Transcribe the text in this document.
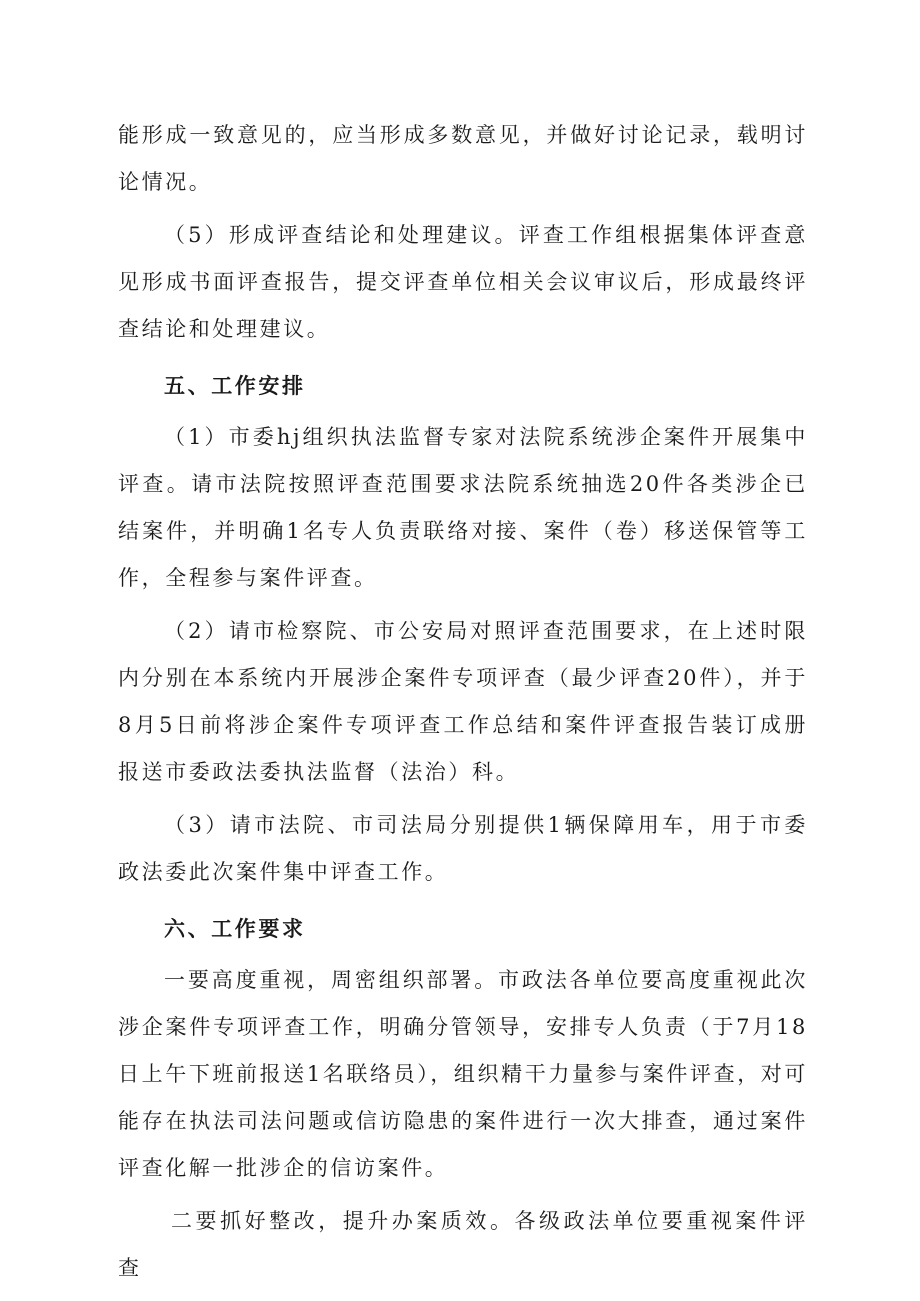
能形成一致意见的，应当形成多数意见，并做好讨论记录，载明讨论情况。

（5）形成评查结论和处理建议。评查工作组根据集体评查意见形成书面评查报告，提交评查单位相关会议审议后，形成最终评查结论和处理建议。

五、工作安排

（1）市委hj组织执法监督专家对法院系统涉企案件开展集中评查。请市法院按照评查范围要求法院系统抽选20件各类涉企已结案件，并明确1名专人负责联络对接、案件（卷）移送保管等工作，全程参与案件评查。

（2）请市检察院、市公安局对照评查范围要求，在上述时限内分别在本系统内开展涉企案件专项评查（最少评查20件），并于8月5日前将涉企案件专项评查工作总结和案件评查报告装订成册报送市委政法委执法监督（法治）科。

（3）请市法院、市司法局分别提供1辆保障用车，用于市委政法委此次案件集中评查工作。

六、工作要求

一要高度重视，周密组织部署。市政法各单位要高度重视此次涉企案件专项评查工作，明确分管领导，安排专人负责（于7月18日上午下班前报送1名联络员），组织精干力量参与案件评查，对可能存在执法司法问题或信访隐患的案件进行一次大排查，通过案件评查化解一批涉企的信访案件。

二要抓好整改，提升办案质效。各级政法单位要重视案件评查
